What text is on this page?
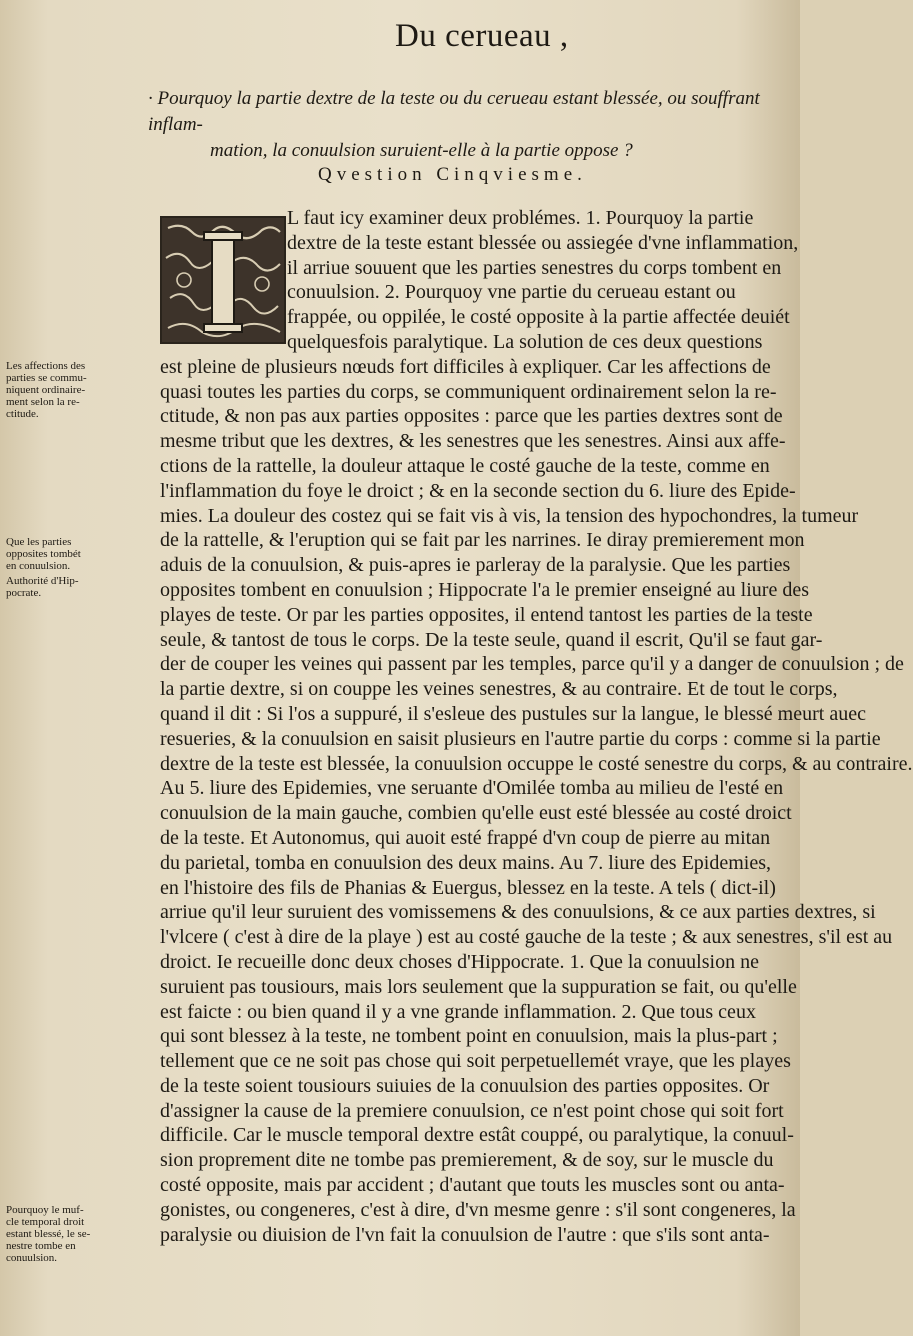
Du cerueau ,
· Pourquoy la partie dextre de la teste ou du cerueau estant blessée, ou souffrant inflam-
mation, la conuulsion suruient-elle à la partie oppose ?
Qvestion Cinqviesme.
L faut icy examiner deux problémes. 1. Pourquoy la partie
dextre de la teste estant blessée ou assiegée d'vne inflammation,
il arriue souuent que les parties senestres du corps tombent en
conuulsion. 2. Pourquoy vne partie du cerueau estant ou
frappée, ou oppilée, le costé opposite à la partie affectée deuiét
quelquesfois paralytique. La solution de ces deux questions
est pleine de plusieurs nœuds fort difficiles à expliquer. Car les affections de
quasi toutes les parties du corps, se communiquent ordinairement selon la re-
ctitude, & non pas aux parties opposites : parce que les parties dextres sont de
mesme tribut que les dextres, & les senestres que les senestres. Ainsi aux affe-
ctions de la rattelle, la douleur attaque le costé gauche de la teste, comme en
l'inflammation du foye le droict ; & en la seconde section du 6. liure des Epide-
mies. La douleur des costez qui se fait vis à vis, la tension des hypochondres, la tumeur
de la rattelle, & l'eruption qui se fait par les narrines. Ie diray premierement mon
aduis de la conuulsion, & puis-apres ie parleray de la paralysie. Que les parties
opposites tombent en conuulsion ; Hippocrate l'a le premier enseigné au liure des
playes de teste. Or par les parties opposites, il entend tantost les parties de la teste
seule, & tantost de tous le corps. De la teste seule, quand il escrit, Qu'il se faut gar-
der de couper les veines qui passent par les temples, parce qu'il y a danger de conuulsion ; de
la partie dextre, si on couppe les veines senestres, & au contraire. Et de tout le corps,
quand il dit : Si l'os a suppuré, il s'esleue des pustules sur la langue, le blessé meurt auec
resueries, & la conuulsion en saisit plusieurs en l'autre partie du corps : comme si la partie
dextre de la teste est blessée, la conuulsion occuppe le costé senestre du corps, & au contraire.
Au 5. liure des Epidemies, vne seruante d'Omilée tomba au milieu de l'esté en
conuulsion de la main gauche, combien qu'elle eust esté blessée au costé droict
de la teste. Et Autonomus, qui auoit esté frappé d'vn coup de pierre au mitan
du parietal, tomba en conuulsion des deux mains. Au 7. liure des Epidemies,
en l'histoire des fils de Phanias & Euergus, blessez en la teste. A tels ( dict-il)
arriue qu'il leur suruient des vomissemens & des conuulsions, & ce aux parties dextres, si
l'vlcere ( c'est à dire de la playe ) est au costé gauche de la teste ; & aux senestres, s'il est au
droict. Ie recueille donc deux choses d'Hippocrate. 1. Que la conuulsion ne
suruient pas tousiours, mais lors seulement que la suppuration se fait, ou qu'elle
est faicte : ou bien quand il y a vne grande inflammation. 2. Que tous ceux
qui sont blessez à la teste, ne tombent point en conuulsion, mais la plus-part ;
tellement que ce ne soit pas chose qui soit perpetuellemét vraye, que les playes
de la teste soient tousiours suiuies de la conuulsion des parties opposites. Or
d'assigner la cause de la premiere conuulsion, ce n'est point chose qui soit fort
difficile. Car le muscle temporal dextre estât couppé, ou paralytique, la conuul-
sion proprement dite ne tombe pas premierement, & de soy, sur le muscle du
costé opposite, mais par accident ; d'autant que touts les muscles sont ou anta-
gonistes, ou congeneres, c'est à dire, d'vn mesme genre : s'il sont congeneres, la
paralysie ou diuision de l'vn fait la conuulsion de l'autre : que s'ils sont anta-
Les affections des
parties se commu-
niquent ordinaire-
ment selon la re-
ctitude.
Que les parties
opposites tombét
en conuulsion.
Authorité d'Hip-
pocrate.
Pourquoy le muf-
cle temporal droit
estant blessé, le se-
nestre tombe en
conuulsion.
